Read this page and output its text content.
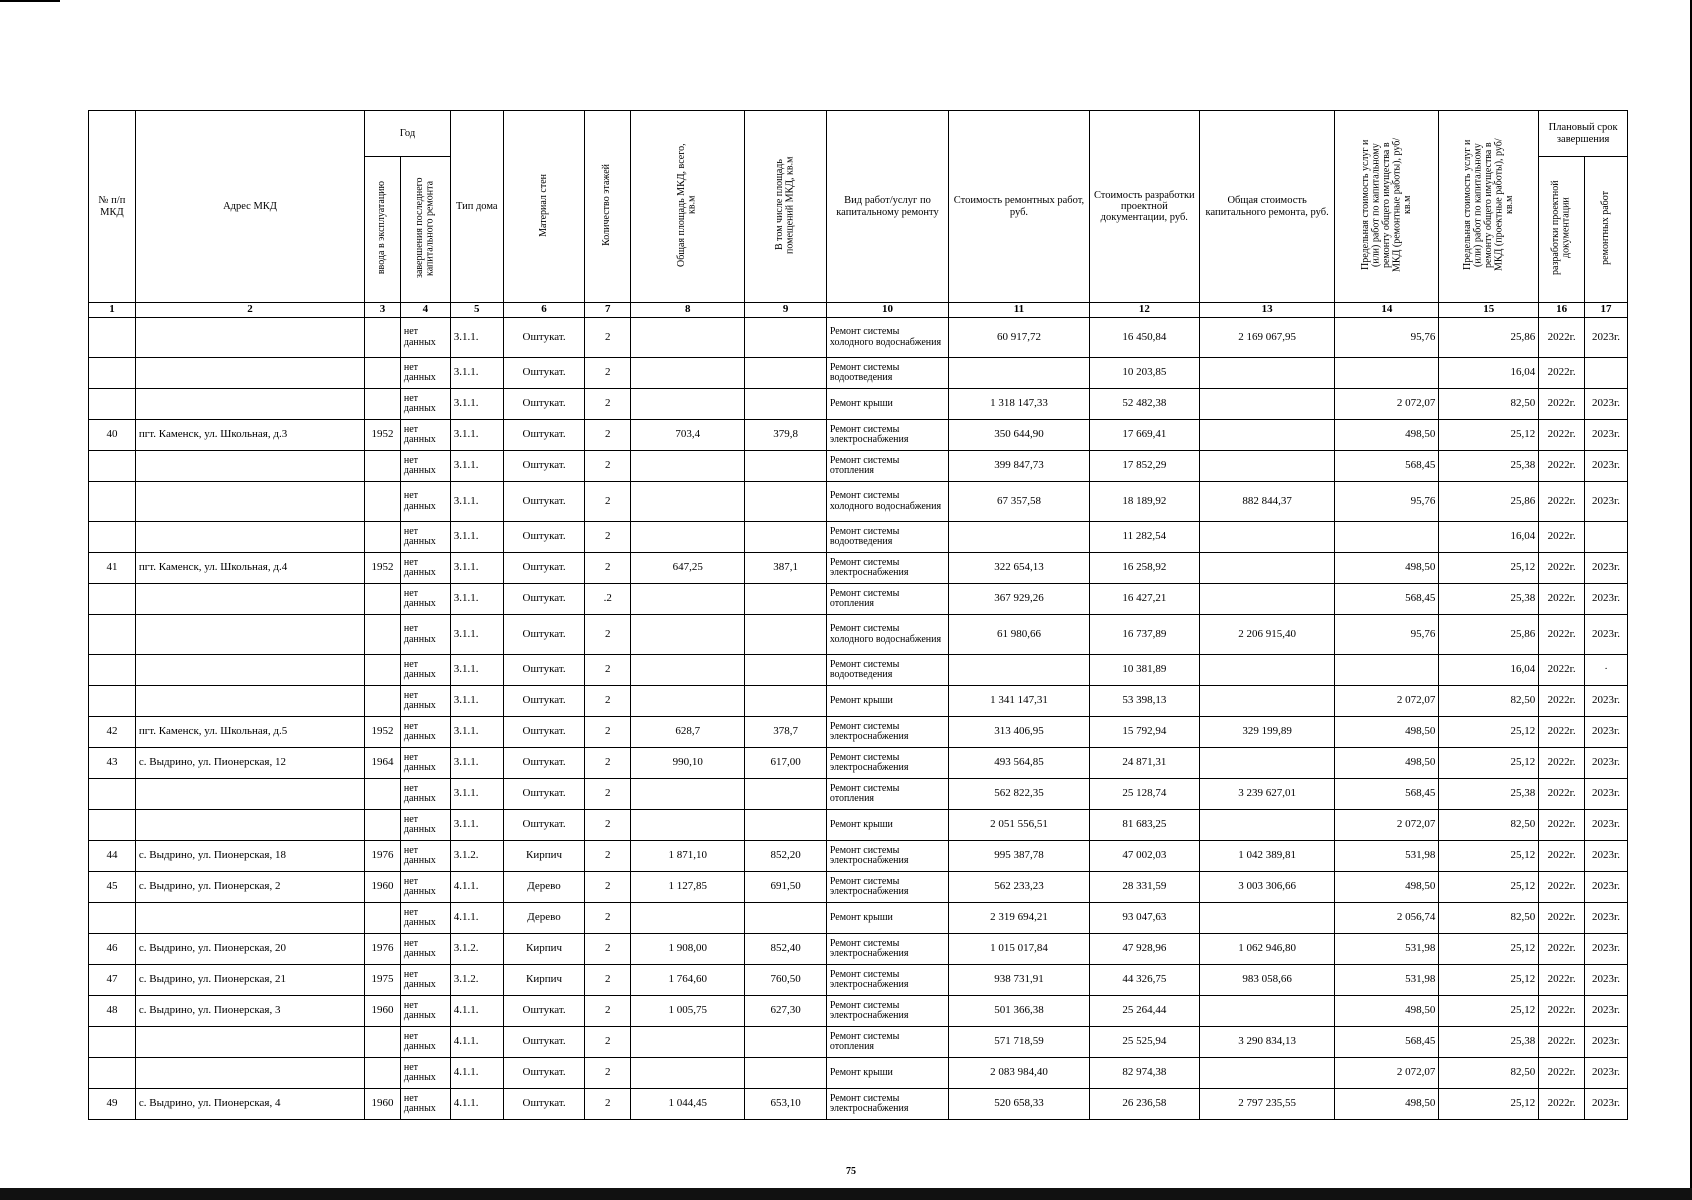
№ п/п МКД	Адрес МКД	Год		Тип дома	Материал стен	Количество этажей	Общая площадь МКД, всего, кв.м	В том числе площадь помещений МКД, кв.м	Вид работ/услуг по капитальному ремонту	Стоимость ремонтных работ, руб.	Стоимость разработки проектной документации, руб.	Общая стоимость капитального ремонта, руб.	Предельная стоимость услуг и (или) работ по капитальному ремонту общего имущества в МКД (ремонтные работы), руб/кв.м	Предельная стоимость услуг и (или) работ по капитальному ремонту общего имущества в МКД (проектные работы), руб/кв.м	Плановый срок завершения	
		ввода в эксплуатацию	завершения последнего капитального ремонта												разработки проектной документации	ремонтных работ
1	2	3	4	5	6	7	8	9	10	11	12	13	14	15	16	17
			нет данных	3.1.1.	Оштукат.	2			Ремонт системы холодного водоснабжения	60 917,72	16 450,84	2 169 067,95	95,76	25,86	2022г.	2023г.
			нет данных	3.1.1.	Оштукат.	2			Ремонт системы водоотведения		10 203,85			16,04	2022г.	
			нет данных	3.1.1.	Оштукат.	2			Ремонт крыши	1 318 147,33	52 482,38		2 072,07	82,50	2022г.	2023г.
40	пгт. Каменск, ул. Школьная, д.3	1952	нет данных	3.1.1.	Оштукат.	2	703,4	379,8	Ремонт системы электроснабжения	350 644,90	17 669,41		498,50	25,12	2022г.	2023г.
			нет данных	3.1.1.	Оштукат.	2			Ремонт системы отопления	399 847,73	17 852,29		568,45	25,38	2022г.	2023г.
			нет данных	3.1.1.	Оштукат.	2			Ремонт системы холодного водоснабжения	67 357,58	18 189,92	882 844,37	95,76	25,86	2022г.	2023г.
			нет данных	3.1.1.	Оштукат.	2			Ремонт системы водоотведения		11 282,54			16,04	2022г.	
41	пгт. Каменск, ул. Школьная, д.4	1952	нет данных	3.1.1.	Оштукат.	2	647,25	387,1	Ремонт системы электроснабжения	322 654,13	16 258,92		498,50	25,12	2022г.	2023г.
			нет данных	3.1.1.	Оштукат.	.2			Ремонт системы отопления	367 929,26	16 427,21		568,45	25,38	2022г.	2023г.
			нет данных	3.1.1.	Оштукат.	2			Ремонт системы холодного водоснабжения	61 980,66	16 737,89	2 206 915,40	95,76	25,86	2022г.	2023г.
			нет данных	3.1.1.	Оштукат.	2			Ремонт системы водоотведения		10 381,89			16,04	2022г.	·
			нет данных	3.1.1.	Оштукат.	2			Ремонт крыши	1 341 147,31	53 398,13		2 072,07	82,50	2022г.	2023г.
42	пгт. Каменск, ул. Школьная, д.5	1952	нет данных	3.1.1.	Оштукат.	2	628,7	378,7	Ремонт системы электроснабжения	313 406,95	15 792,94	329 199,89	498,50	25,12	2022г.	2023г.
43	с. Выдрино, ул. Пионерская, 12	1964	нет данных	3.1.1.	Оштукат.	2	990,10	617,00	Ремонт системы электроснабжения	493 564,85	24 871,31		498,50	25,12	2022г.	2023г.
			нет данных	3.1.1.	Оштукат.	2			Ремонт системы отопления	562 822,35	25 128,74	3 239 627,01	568,45	25,38	2022г.	2023г.
			нет данных	3.1.1.	Оштукат.	2			Ремонт крыши	2 051 556,51	81 683,25		2 072,07	82,50	2022г.	2023г.
44	с. Выдрино, ул. Пионерская, 18	1976	нет данных	3.1.2.	Кирпич	2	1 871,10	852,20	Ремонт системы электроснабжения	995 387,78	47 002,03	1 042 389,81	531,98	25,12	2022г.	2023г.
45	с. Выдрино, ул. Пионерская, 2	1960	нет данных	4.1.1.	Дерево	2	1 127,85	691,50	Ремонт системы электроснабжения	562 233,23	28 331,59	3 003 306,66	498,50	25,12	2022г.	2023г.
			нет данных	4.1.1.	Дерево	2			Ремонт крыши	2 319 694,21	93 047,63		2 056,74	82,50	2022г.	2023г.
46	с. Выдрино, ул. Пионерская, 20	1976	нет данных	3.1.2.	Кирпич	2	1 908,00	852,40	Ремонт системы электроснабжения	1 015 017,84	47 928,96	1 062 946,80	531,98	25,12	2022г.	2023г.
47	с. Выдрино, ул. Пионерская, 21	1975	нет данных	3.1.2.	Кирпич	2	1 764,60	760,50	Ремонт системы электроснабжения	938 731,91	44 326,75	983 058,66	531,98	25,12	2022г.	2023г.
48	с. Выдрино, ул. Пионерская, 3	1960	нет данных	4.1.1.	Оштукат.	2	1 005,75	627,30	Ремонт системы электроснабжения	501 366,38	25 264,44		498,50	25,12	2022г.	2023г.
			нет данных	4.1.1.	Оштукат.	2			Ремонт системы отопления	571 718,59	25 525,94	3 290 834,13	568,45	25,38	2022г.	2023г.
			нет данных	4.1.1.	Оштукат.	2			Ремонт крыши	2 083 984,40	82 974,38		2 072,07	82,50	2022г.	2023г.
49	с. Выдрино, ул. Пионерская, 4	1960	нет данных	4.1.1.	Оштукат.	2	1 044,45	653,10	Ремонт системы электроснабжения	520 658,33	26 236,58	2 797 235,55	498,50	25,12	2022г.	2023г.
75
